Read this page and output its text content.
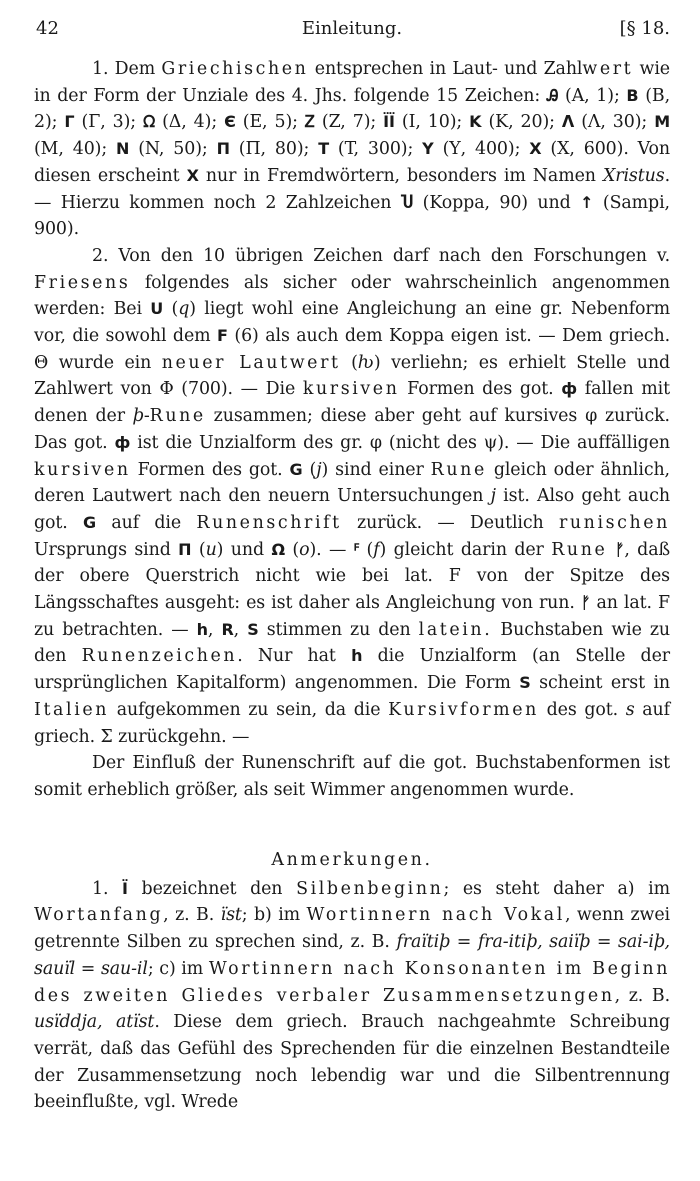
42	Einleitung.	[§ 18.

1. Dem Griechischen entsprechen in Laut- und Zahlwert wie in der Form der Unziale des 4. Jhs. folgende 15 Zeichen: Ꭿ (A, 1); B (B, 2); Γ (Γ, 3); ᘯ (Δ, 4); Є (E, 5); Ꮓ (Z, 7); ÏÏ (I, 10); K (K, 20); ᐱ (Λ, 30); M (M, 40); N (N, 50); Π (Π, 80); T (T, 300); Y (Υ, 400); X (X, 600). Von diesen erscheint X nur in Fremdwörtern, besonders im Namen Xristus. — Hierzu kommen noch 2 Zahlzeichen Ⴎ (Koppa, 90) und ↑ (Sampi, 900).

2. Von den 10 übrigen Zeichen darf nach den Forschungen v. Friesens folgendes als sicher oder wahrscheinlich angenommen werden: Bei U (q) liegt wohl eine Angleichung an eine gr. Nebenform vor, die sowohl dem F (6) als auch dem Koppa eigen ist. — Dem griech. Θ wurde ein neuer Lautwert (ƕ) verliehn; es erhielt Stelle und Zahlwert von Φ (700). — Die kursiven Formen des got. ф fallen mit denen der þ-Rune zusammen; diese aber geht auf kursives φ zurück. Das got. ф ist die Unzialform des gr. φ (nicht des ψ). — Die auffälligen kursiven Formen des got. G (j) sind einer Rune gleich oder ähnlich, deren Lautwert nach den neuern Untersuchungen j ist. Also geht auch got. G auf die Runenschrift zurück. — Deutlich runischen Ursprungs sind Π (u) und Ω (o). — ꟳ (f) gleicht darin der Rune ᚠ, daß der obere Querstrich nicht wie bei lat. F von der Spitze des Längsschaftes ausgeht: es ist daher als Angleichung von run. ᚠ an lat. F zu betrachten. — h, R, S stimmen zu den latein. Buchstaben wie zu den Runenzeichen. Nur hat h die Unzialform (an Stelle der ursprünglichen Kapitalform) angenommen. Die Form S scheint erst in Italien aufgekommen zu sein, da die Kursivformen des got. s auf griech. Σ zurückgehn. —

Der Einfluß der Runenschrift auf die got. Buchstabenformen ist somit erheblich größer, als seit Wimmer angenommen wurde.

Anmerkungen.

1. Ï bezeichnet den Silbenbeginn; es steht daher a) im Wortanfang, z. B. ïst; b) im Wortinnern nach Vokal, wenn zwei getrennte Silben zu sprechen sind, z. B. fraïtiþ = fra-itiþ, saiïþ = sai-iþ, sauïl = sau-il; c) im Wortinnern nach Konsonanten im Beginn des zweiten Gliedes verbaler Zusammensetzungen, z. B. usïddja, atïst. Diese dem griech. Brauch nachgeahmte Schreibung verrät, daß das Gefühl des Sprechenden für die einzelnen Bestandteile der Zusammensetzung noch lebendig war und die Silbentrennung beeinflußte, vgl. Wrede
